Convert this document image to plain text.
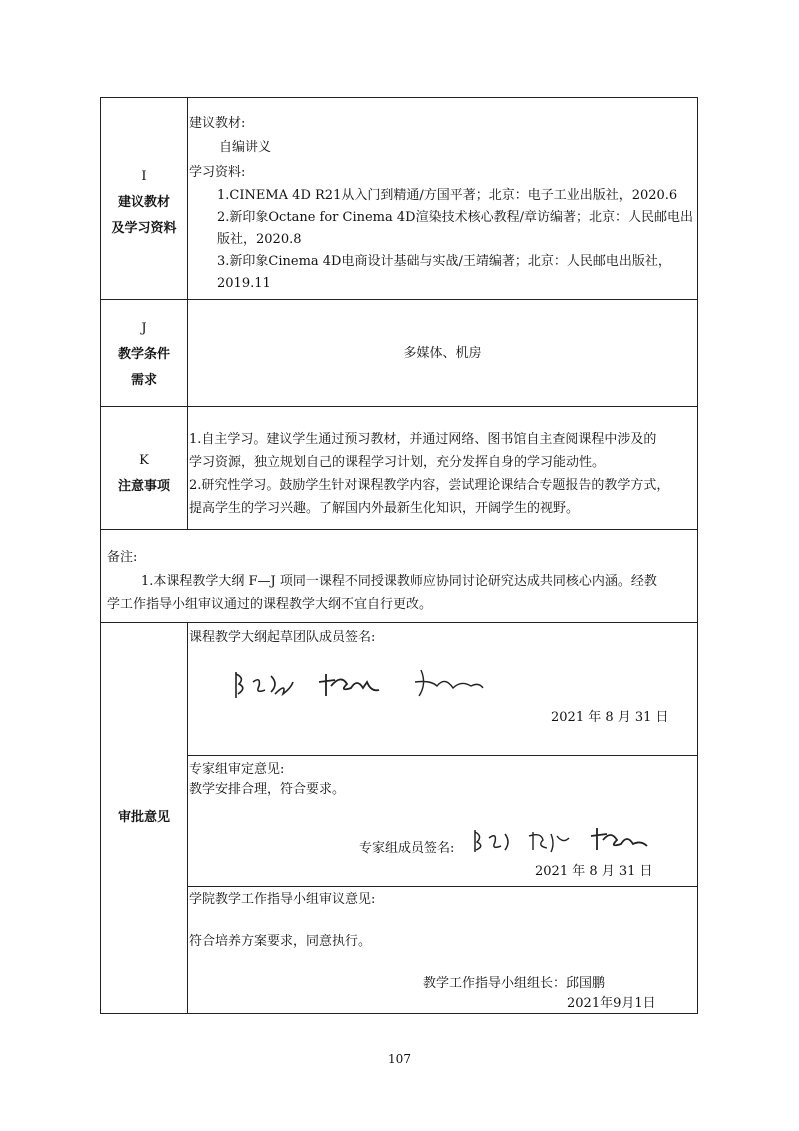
I
建议教材
及学习资料
建议教材:
自编讲义
学习资料:
1.CINEMA 4D R21从入门到精通/方国平著；北京：电子工业出版社，2020.6
2.新印象Octane for Cinema 4D渲染技术核心教程/章访编著；北京：人民邮电出
版社，2020.8
3.新印象Cinema 4D电商设计基础与实战/王靖编著；北京：人民邮电出版社，
2019.11
J
教学条件
需求
多媒体、机房
K
注意事项
1.自主学习。建议学生通过预习教材，并通过网络、图书馆自主查阅课程中涉及的
学习资源，独立规划自己的课程学习计划，充分发挥自身的学习能动性。
2.研究性学习。鼓励学生针对课程教学内容，尝试理论课结合专题报告的教学方式，
提高学生的学习兴趣。了解国内外最新生化知识，开阔学生的视野。
备注:
1.本课程教学大纲 F—J 项同一课程不同授课教师应协同讨论研究达成共同核心内涵。经教
学工作指导小组审议通过的课程教学大纲不宜自行更改。
审批意见
课程教学大纲起草团队成员签名:
2021 年 8 月 31 日
专家组审定意见:
教学安排合理，符合要求。
专家组成员签名:
2021 年 8 月 31 日
学院教学工作指导小组审议意见:
符合培养方案要求，同意执行。
教学工作指导小组组长：邱国鹏
2021年9月1日
107
